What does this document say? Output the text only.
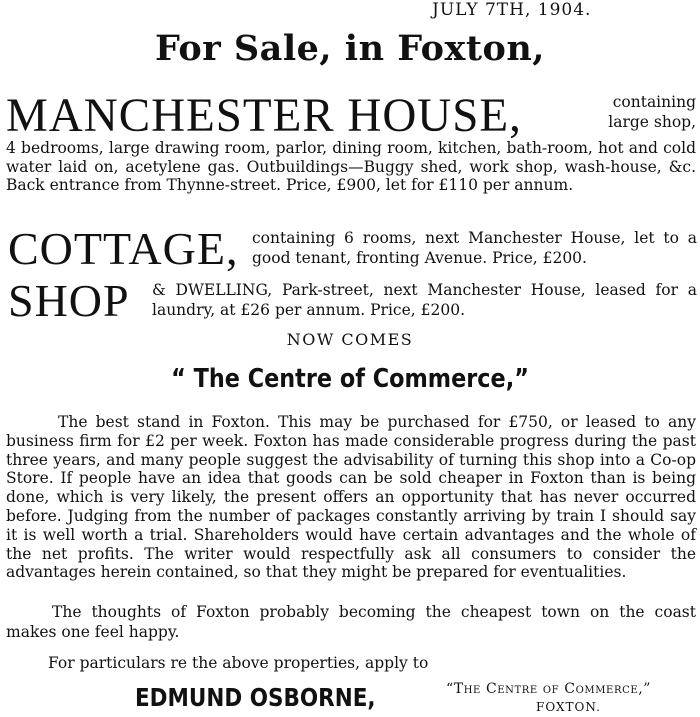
JULY 7TH, 1904.
For Sale, in Foxton,
MANCHESTER HOUSE,	containing
large shop,
4 bedrooms, large drawing room, parlor, dining room, kitchen, bath-room, hot and cold water laid on, acetylene gas. Outbuildings—Buggy shed, work shop, wash-house, &c. Back entrance from Thynne-street. Price, £900, let for £110 per annum.
COTTAGE, containing 6 rooms, next Manchester House, let to a good tenant, fronting Avenue. Price, £200.
SHOP & DWELLING, Park-street, next Manchester House, leased for a laundry, at £26 per annum. Price, £200.
NOW COMES
“ The Centre of Commerce,”
The best stand in Foxton. This may be purchased for £750, or leased to any business firm for £2 per week. Foxton has made considerable progress during the past three years, and many people suggest the advisability of turning this shop into a Co-op Store. If people have an idea that goods can be sold cheaper in Foxton than is being done, which is very likely, the present offers an opportunity that has never occurred before. Judging from the number of packages constantly arriving by train I should say it is well worth a trial. Shareholders would have certain advantages and the whole of the net profits. The writer would respectfully ask all consumers to consider the advantages herein contained, so that they might be prepared for eventualities.
The thoughts of Foxton probably becoming the cheapest town on the coast makes one feel happy.
For particulars re the above properties, apply to
EDMUND OSBORNE,	“The Centre of Commerce,”
FOXTON.
